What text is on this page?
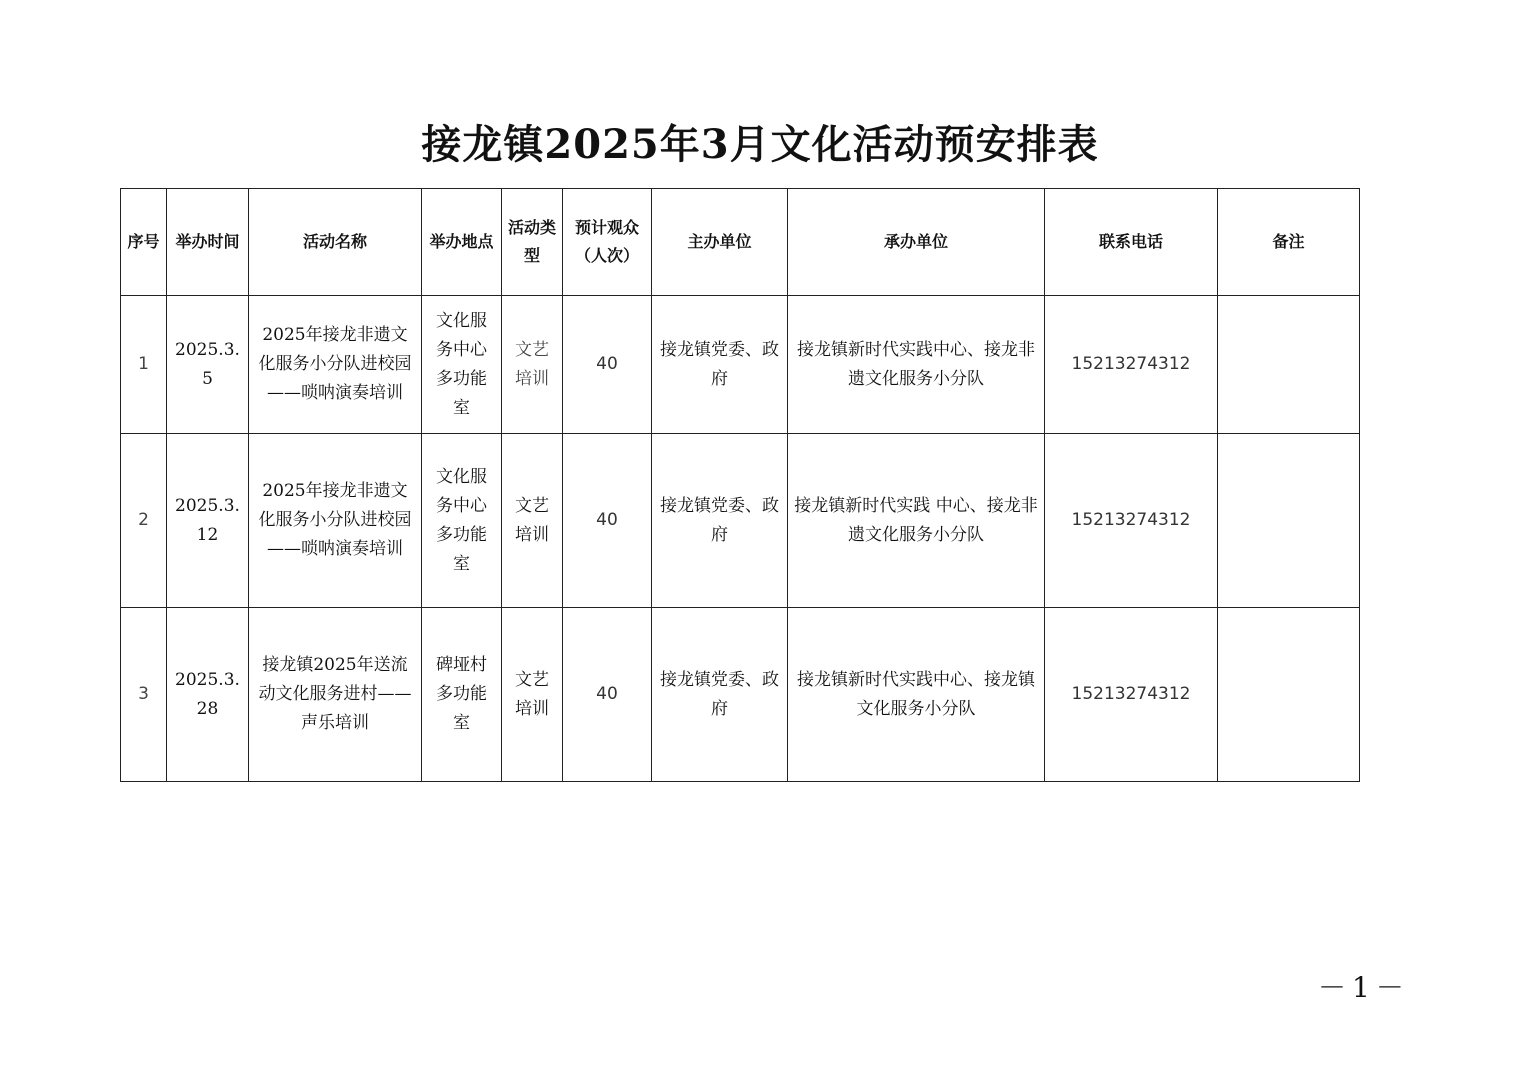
接龙镇2025年3月文化活动预安排表
序号	举办时间	活动名称	举办地点	活动类型	预计观众（人次）	主办单位	承办单位	联系电话	备注
1	2025.3.5	2025年接龙非遗文化服务小分队进校园——唢呐演奏培训	文化服务中心多功能室	文艺培训	40	接龙镇党委、政府	接龙镇新时代实践中心、接龙非遗文化服务小分队	15213274312	
2	2025.3.12	2025年接龙非遗文化服务小分队进校园——唢呐演奏培训	文化服务中心多功能室	文艺培训	40	接龙镇党委、政府	接龙镇新时代实践 中心、接龙非遗文化服务小分队	15213274312	
3	2025.3.28	接龙镇2025年送流动文化服务进村——声乐培训	碑垭村多功能室	文艺培训	40	接龙镇党委、政府	接龙镇新时代实践中心、接龙镇文化服务小分队	15213274312	
－1－
